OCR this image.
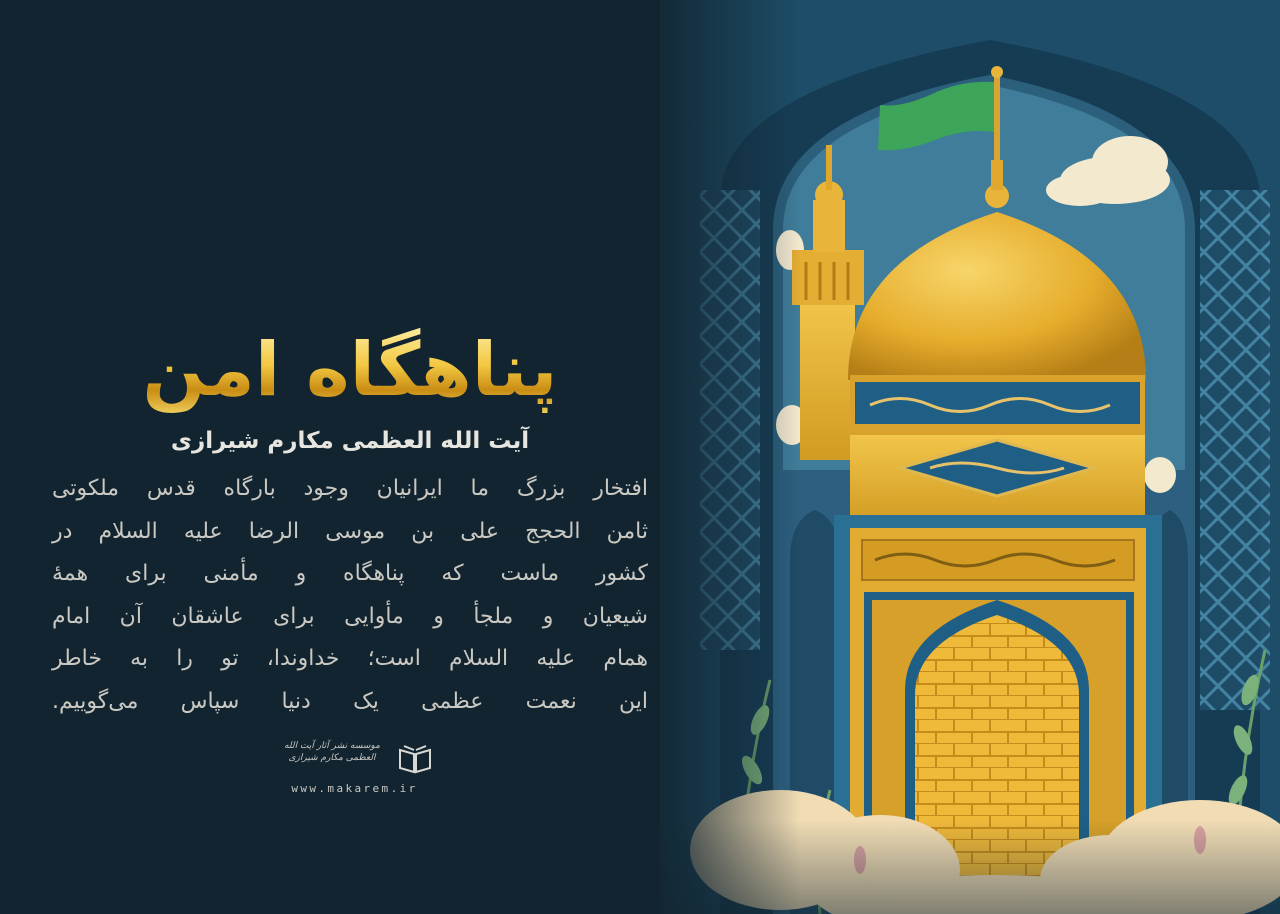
پناهگاه امن
آیت الله العظمی مکارم شیرازی
افتخار بزرگ ما ایرانیان وجود بارگاه قدس ملکوتی
ثامن الحجج علی بن موسی الرضا علیه السلام در
کشور ماست که پناهگاه و مأمنی برای همهٔ
شیعیان و ملجأ و مأوایی برای عاشقان آن امام
همام علیه السلام است؛ خداوندا، تو را به خاطر
این نعمت عظمی یک دنیا سپاس می‌گوییم.
موسسه نشر آثار آیت الله العظمی مکارم شیرازی
www.makarem.ir
